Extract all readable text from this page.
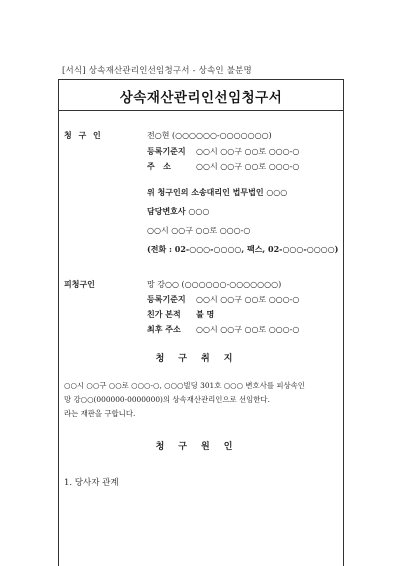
[서식] 상속재산관리인선임청구서 - 상속인 불분명
상속재산관리인선임청구서
청 구 인	전○현 (○○○○○○-○○○○○○○)
등록기준지 ○○시 ○○구 ○○로 ○○○-○
주   소	○○시 ○○구 ○○로 ○○○-○
위 청구인의 소송대리인 법무법인 ○○○
담당변호사 ○○○
○○시 ○○구 ○○로 ○○○-○
(전화 : 02-○○○-○○○○, 팩스, 02-○○○-○○○○)
피청구인	망 강○○ (○○○○○○-○○○○○○○)
등록기준지 ○○시 ○○구 ○○로 ○○○-○
친가 본적 불 명
최후 주소 ○○시 ○○구 ○○로 ○○○-○
청구취지
○○시 ○○구 ○○로 ○○○-○, ○○○빌딩 301호 ○○○ 변호사를 피상속인
망 강○○(000000-0000000)의 상속재산관리인으로 선임한다.
라는 재판을 구합니다.
청구원인
1. 당사자 관계
